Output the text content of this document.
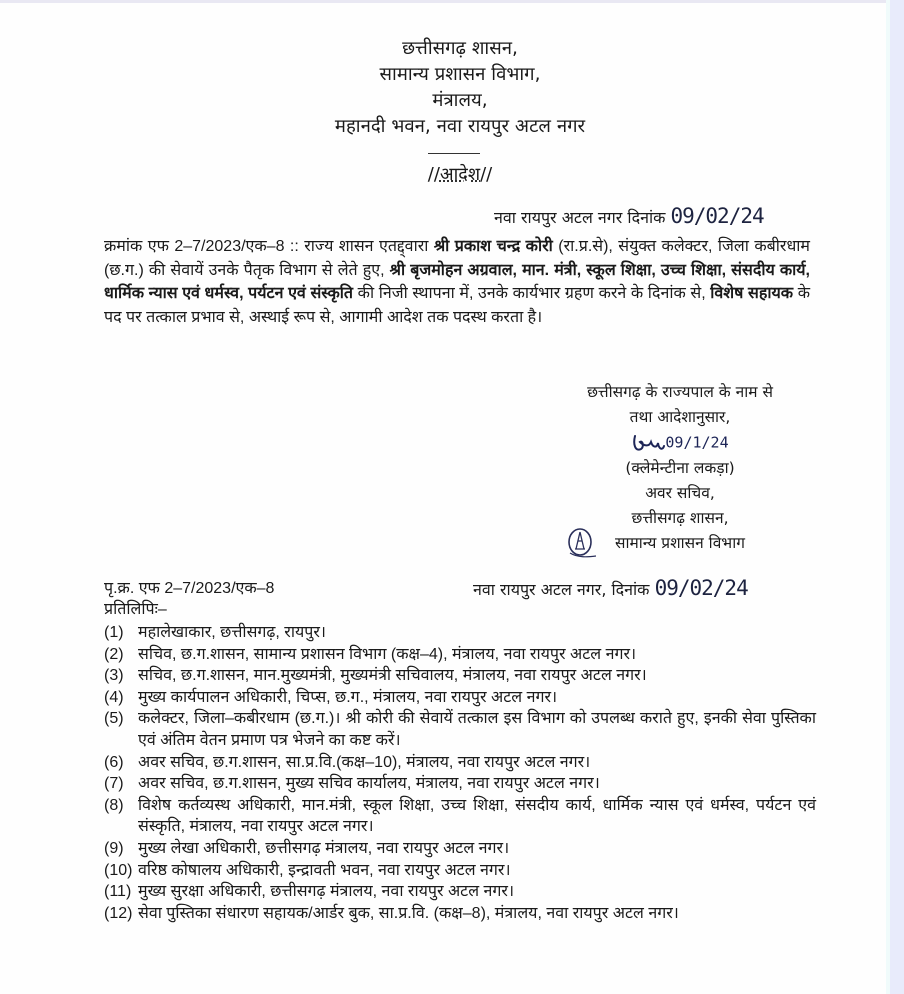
छत्तीसगढ़ शासन,
सामान्य प्रशासन विभाग,
मंत्रालय,
महानदी भवन, नवा रायपुर अटल नगर
//आदेश//
नवा रायपुर अटल नगर दिनांक 09/02/24
क्रमांक एफ 2–7/2023/एक–8 :: राज्य शासन एतद्द्वारा श्री प्रकाश चन्द्र कोरी (रा.प्र.से), संयुक्त कलेक्टर, जिला कबीरधाम (छ.ग.) की सेवायें उनके पैतृक विभाग से लेते हुए, श्री बृजमोहन अग्रवाल, मान. मंत्री, स्कूल शिक्षा, उच्च शिक्षा, संसदीय कार्य, धार्मिक न्यास एवं धर्मस्व, पर्यटन एवं संस्कृति की निजी स्थापना में, उनके कार्यभार ग्रहण करने के दिनांक से, विशेष सहायक के पद पर तत्काल प्रभाव से, अस्थाई रूप से, आगामी आदेश तक पदस्थ करता है।
छत्तीसगढ़ के राज्यपाल के नाम से
तथा आदेशानुसार,
09/1/24
(क्लेमेन्टीना लकड़ा)
अवर सचिव,
छत्तीसगढ़ शासन,
सामान्य प्रशासन विभाग
पृ.क्र. एफ 2–7/2023/एक–8	नवा रायपुर अटल नगर, दिनांक 09/02/24
प्रतिलिपिः–
(1) महालेखाकार, छत्तीसगढ़, रायपुर।
(2) सचिव, छ.ग.शासन, सामान्य प्रशासन विभाग (कक्ष–4), मंत्रालय, नवा रायपुर अटल नगर।
(3) सचिव, छ.ग.शासन, मान.मुख्यमंत्री, मुख्यमंत्री सचिवालय, मंत्रालय, नवा रायपुर अटल नगर।
(4) मुख्य कार्यपालन अधिकारी, चिप्स, छ.ग., मंत्रालय, नवा रायपुर अटल नगर।
(5) कलेक्टर, जिला–कबीरधाम (छ.ग.)। श्री कोरी की सेवायें तत्काल इस विभाग को उपलब्ध कराते हुए, इनकी सेवा पुस्तिका एवं अंतिम वेतन प्रमाण पत्र भेजने का कष्ट करें।
(6) अवर सचिव, छ.ग.शासन, सा.प्र.वि.(कक्ष–10), मंत्रालय, नवा रायपुर अटल नगर।
(7) अवर सचिव, छ.ग.शासन, मुख्य सचिव कार्यालय, मंत्रालय, नवा रायपुर अटल नगर।
(8) विशेष कर्तव्यस्थ अधिकारी, मान.मंत्री, स्कूल शिक्षा, उच्च शिक्षा, संसदीय कार्य, धार्मिक न्यास एवं धर्मस्व, पर्यटन एवं संस्कृति, मंत्रालय, नवा रायपुर अटल नगर।
(9) मुख्य लेखा अधिकारी, छत्तीसगढ़ मंत्रालय, नवा रायपुर अटल नगर।
(10) वरिष्ठ कोषालय अधिकारी, इन्द्रावती भवन, नवा रायपुर अटल नगर।
(11) मुख्य सुरक्षा अधिकारी, छत्तीसगढ़ मंत्रालय, नवा रायपुर अटल नगर।
(12) सेवा पुस्तिका संधारण सहायक/आर्डर बुक, सा.प्र.वि. (कक्ष–8), मंत्रालय, नवा रायपुर अटल नगर।
